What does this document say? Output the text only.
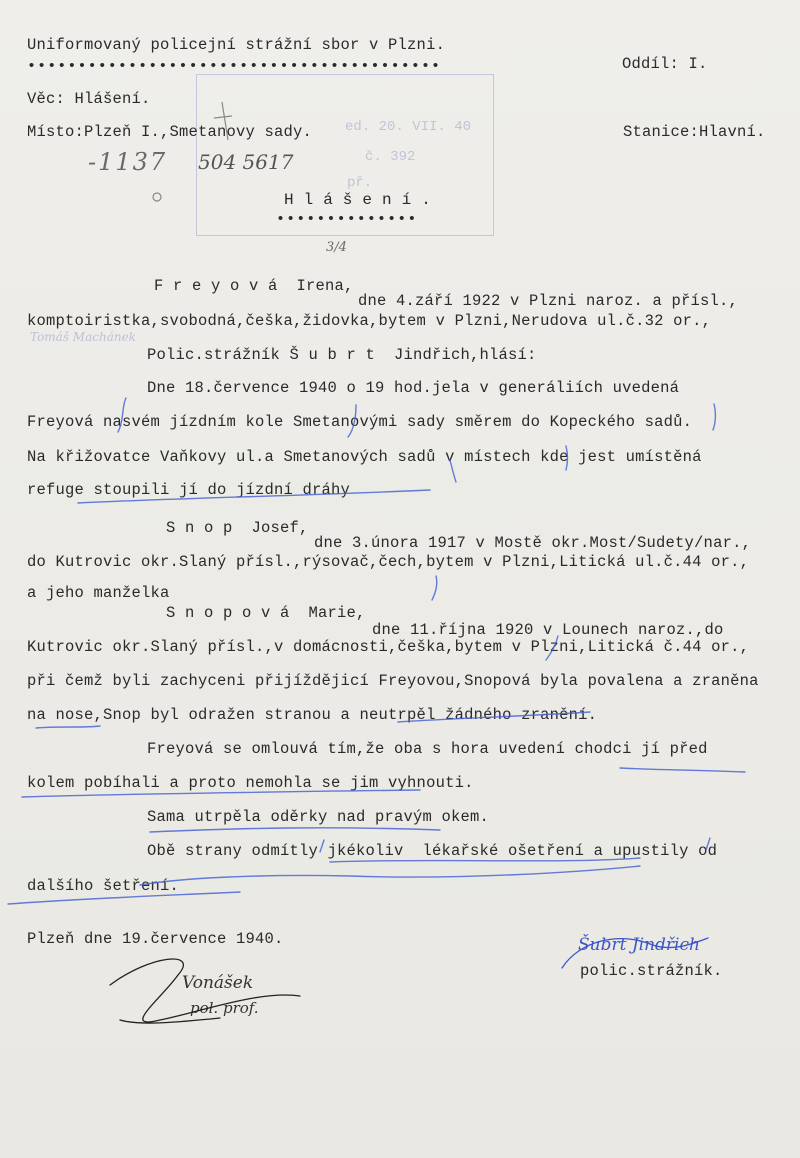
Uniformovaný policejní strážní sbor v Plzni.
•••••••••••••••••••••••••••••••••••••••••	Oddíl: I.
ed. 20. VII. 40
č. 392
př.
Věc: Hlášení.
Místo:Plzeň I.,Smetanovy sady.	Stanice:Hlavní.
-1137 504 5617
H l á š e n í .
••••••••••••••
3/4
F r e y o v á  Irena,
dne 4.září 1922 v Plzni naroz. a přísl.,
komptoiristka,svobodná,češka,židovka,bytem v Plzni,Nerudova ul.č.32 or.,
Tomáš Machánek
Polic.strážník Š u b r t  Jindřich,hlásí:
Dne 18.července 1940 o 19 hod.jela v generáliích uvedená
Freyová nasvém jízdním kole Smetanovými sady směrem do Kopeckého sadů.
Na křižovatce Vaňkovy ul.a Smetanových sadů v místech kde jest umístěná
refuge stoupili jí do jízdní dráhy
S n o p  Josef,
dne 3.února 1917 v Mostě okr.Most/Sudety/nar.,
do Kutrovic okr.Slaný přísl.,rýsovač,čech,bytem v Plzni,Litická ul.č.44 or.,
a jeho manželka
S n o p o v á  Marie,
dne 11.října 1920 v Lounech naroz.,do
Kutrovic okr.Slaný přísl.,v domácnosti,češka,bytem v Plzni,Litická č.44 or.,
při čemž byli zachyceni přijíždějicí Freyovou,Snopová byla povalena a zraněna
na nose,Snop byl odražen stranou a neutrpěl žádného zranění.
Freyová se omlouvá tím,že oba s hora uvedení chodci jí před
kolem pobíhali a proto nemohla se jim vyhnouti.
Sama utrpěla oděrky nad pravým okem.
Obě strany odmítly jkékoliv  lékařské ošetření a upustily od
dalšího šetření.
Plzeň dne 19.července 1940.
Vonášek
pol. prof.
Šubrt Jindřich
polic.strážník.
